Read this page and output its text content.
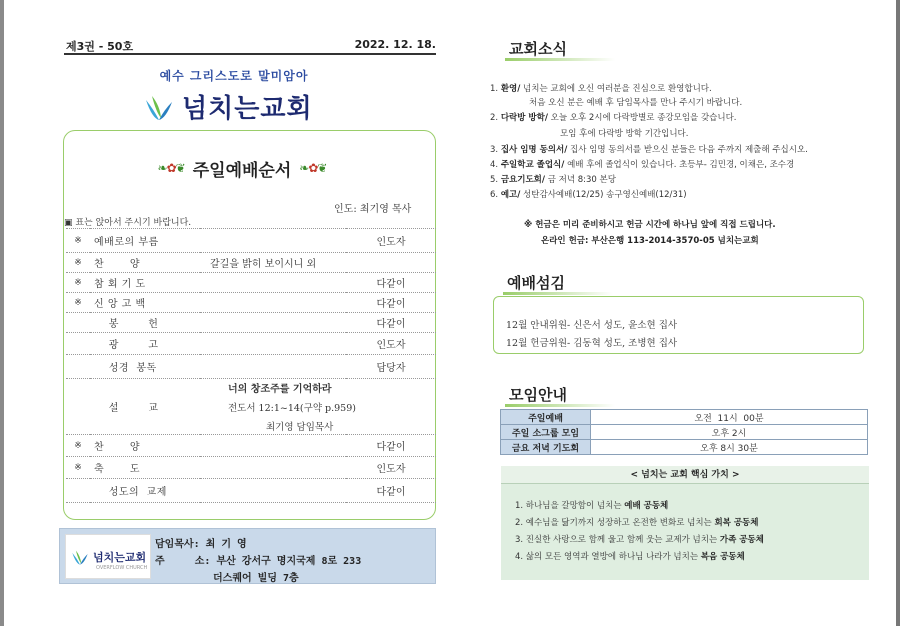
제3권 - 50호	2022. 12. 18.
예수 그리스도로 말미암아
넘치는교회
❧✿❦ 주일예배순서 ❧✿❦
인도: 최기영 목사
▣ 표는 앉아서 주시기 바랍니다.
※	예배로의 부름		인도자
※	찬       양	갈길을 밝히 보이시니 외	
※	참 회 기 도		다같이
※	신 앙 고 백		다같이
	봉        헌		다같이
	광        고		인도자
	성경  봉독		담당자
	설        교	너의 창조주를 기억하라
전도서 12:1~14(구약 p.959)
최기영 담임목사	

※	찬       양		다같이
※	축       도		인도자
	성도의  교제		다같이
넘치는교회
OVERFLOW CHURCH
담임목사: 최 기 영
주     소: 부산 강서구 명지국제 8로 233
더스퀘어 빌딩 7층
교회소식
1. 환영/ 넘치는 교회에 오신 여러분을 진심으로 환영합니다.
처음 오신 분은 예배 후 담임목사를 만나 주시기 바랍니다.
2. 다락방 방학/ 오늘 오후 2시에 다락방별로 종강모임을 갖습니다.
모임 후에 다락방 방학 기간입니다.
3. 집사 임명 동의서/ 집사 임명 동의서를 받으신 분들은 다음 주까지 제출해 주십시오.
4. 주일학교 졸업식/ 예배 후에 졸업식이 있습니다. 초등부- 김민경, 이채은, 조수경
5. 금요기도회/ 금 저녁 8:30 본당
6. 예고/ 성탄감사예배(12/25) 송구영신예배(12/31)
※ 헌금은 미리 준비하시고 헌금 시간에 하나님 앞에 직접 드립니다.
온라인 헌금: 부산은행 113-2014-3570-05 넘치는교회
예배섬김
12월 안내위원- 신은서 성도, 윤소현 집사
12월 헌금위원- 김동혁 성도, 조병현 집사
모임안내
주일예배	오전  11시  00분
주일 소그룹 모임	오후 2시
금요 저녁 기도회	오후 8시 30분
< 넘치는 교회 핵심 가치 >
1. 하나님을 갈망함이 넘치는 예배 공동체
2. 예수님을 닮기까지 성장하고 온전한 변화로 넘치는 회복 공동체
3. 진실한 사랑으로 함께 울고 함께 웃는 교제가 넘치는 가족 공동체
4. 삶의 모든 영역과 열방에 하나님 나라가 넘치는 복음 공동체
